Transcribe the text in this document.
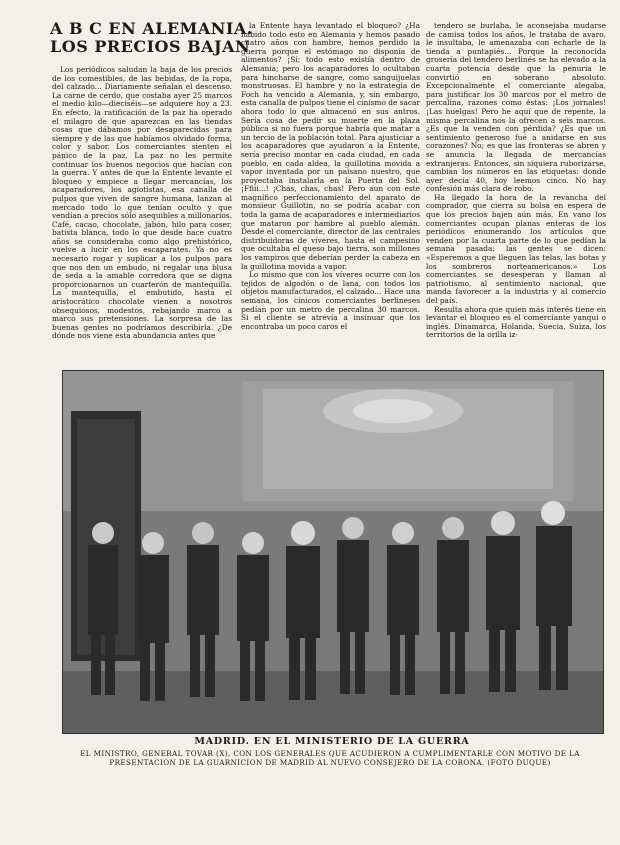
A B C EN ALEMANIA.
LOS PRECIOS BAJAN

Los periódicos saludan la baja de los precios de los comestibles, de las bebidas, de la ropa, del calzado... Diariamente señalan el descenso. La carne de cerdo, que costaba ayer 25 marcos el medio kilo—dieciséis—se adquiere hoy a 23. En efecto, la ratificación de la paz ha operado el milagro de que aparezcan en las tiendas cosas que dábamos por desaparecidas para siempre y de las que habíamos olvidado forma, color y sabor. Los comerciantes sienten el pánico de la paz. La paz no les permite continuar los buenos negocios que hacían con la guerra. Y antes de que la Entente levante el bloqueo y empiece a llegar mercancías, los acaparadores, los agiotistas, esa canalla de pulpos que viven de sangre humana, lanzan al mercado todo lo que tenían oculto y que vendían a precios sólo asequibles a millonarios. Café, cacao, chocolate, jabón, hilo para coser, batista blanca, todo lo que desde hace cuatro años se consideraba como algo prehistórico, vuelve a lucir en los escaparates. Ya no es necesario rogar y suplicar a los pulpos para que nos den un embudo, ni regalar una blusa de seda a la amable corredora que se digna proporcionarnos un cuarterón de mantequilla. La mantequilla, el embutido, hasta el aristocrático chocolate vienen a nosotros obsequiosos, modestos, rebajando marco a marco sus pretensiones. La sorpresa de las buenas gentes no podríamos describirla. ¿De dónde nos viene esta abundancia antes que

la Entente haya levantado el bloqueo? ¿Ha habido todo esto en Alemania y hemos pasado cuatro años con hambre, hemos perdido la guerra porque el estómago no disponía de alimentos? ¡Sí; todo esto existía dentro de Alemania; pero los acaparadores lo ocultaban para hincharse de sangre, como sanguijuelas monstruosas. El hambre y no la estrategia de Foch ha vencido a Alemania, y, sin embargo, esta canalla de pulpos tiene el cinismo de sacar ahora todo lo que almacenó en sus antros. Sería cosa de pedir su muerte en la plaza pública si no fuera porque habría que matar a un tercio de la población total. Para ajusticiar a los acaparadores que ayudaron a la Entente, sería preciso montar en cada ciudad, en cada pueblo, en cada aldea, la guillotina movida a vapor inventada por un paisano nuestro, que proyectaba instalarla en la Puerta del Sol. ¡Ffiii...! ¡Chas, chas, chas! Pero aun con este magnífico perfeccionamiento del aparato de monsieur Guillotin, no se podría acabar con toda la gama de acaparadores e intermediarios que mataron por hambre al pueblo alemán. Desde el comerciante, director de las centrales distribuidoras de víveres, hasta el campesino que ocultaba el queso bajo tierra, son millones los vampiros que deberían perder la cabeza en la guillotina movida a vapor.

Lo mismo que con los víveres ocurre con los tejidos de algodón o de lana, con todos los objetos manufacturados, el calzado... Hace una semana, los cínicos comerciantes berlineses pedían por un metro de percalina 30 marcos. Si el cliente se atrevía a insinuar que los encontraba un poco caros el

tendero se burlaba, le aconsejaba mudarse de camisa todos los años, le trataba de avaro, le insultaba, le amenazaba con echarle de la tienda a puntapiés... Porque la reconocida grosería del tendero berlinés se ha elevado a la cuarta potencia desde que la penuria le convirtió en soberano absoluto. Excepcionalmente el comerciante alegaba, para justificar los 30 marcos por el metro de percalina, razones como éstas: ¡Los jornales! ¡Las huelgas! Pero he aquí que de repente, la misma percalina nos la ofrecen a seis marcos. ¿Es que la venden con pérdida? ¿Es que un sentimiento generoso fué a anidarse en sus corazones? No; es que las fronteras se abren y se anuncia la llegada de mercancías extranjeras. Entonces, sin siquiera ruborizarse, cambian los números en las etiquetas: donde ayer decía 40, hoy leemos cinco. No hay confesión más clara de robo.

Ha llegado la hora de la revancha del comprador, que cierra su bolsa en espera de que los precios bajen aún más. En vano los comerciantes ocupan planas enteras de los periódicos enumerando los artículos que venden por la cuarta parte de lo que pedían la semana pasada; las gentes se dicen: «Esperemos a que lleguen las telas, las botas y los sombreros norteamericanos.» Los comerciantes se desesperan y llaman al patriotismo, al sentimiento nacional, que manda favorecer a la industria y al comercio del país.

Resulta ahora que quien más interés tiene en levantar el bloqueo es el comerciante yanqui o inglés. Dinamarca, Holanda, Suecia, Suiza, los territorios de la orilla iz-

MADRID. EN EL MINISTERIO DE LA GUERRA
EL MINISTRO, GENERAL TOVAR (X), CON LOS GENERALES QUE ACUDIERON A CUMPLIMENTARLE CON MOTIVO DE LA PRESENTACION DE LA GUARNICION DE MADRID AL NUEVO CONSEJERO DE LA CORONA. (FOTO DUQUE)
